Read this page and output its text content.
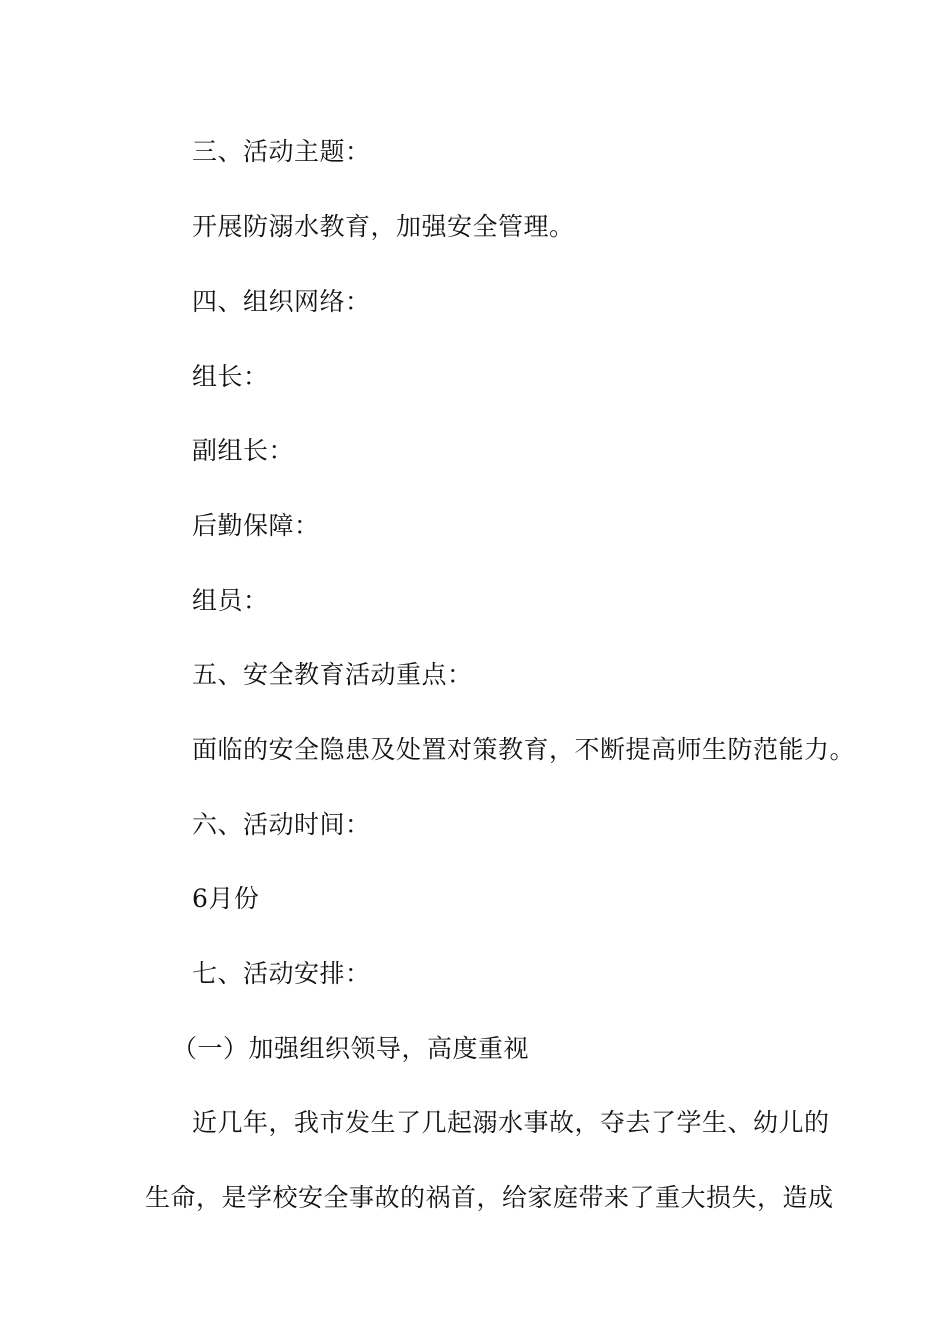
三、活动主题：
开展防溺水教育，加强安全管理。
四、组织网络：
组长：
副组长：
后勤保障：
组员：
五、安全教育活动重点：
面临的安全隐患及处置对策教育，不断提高师生防范能力。
六、活动时间：
6月份
七、活动安排：
（一）加强组织领导，高度重视
近几年，我市发生了几起溺水事故，夺去了学生、幼儿的
生命，是学校安全事故的祸首，给家庭带来了重大损失，造成
